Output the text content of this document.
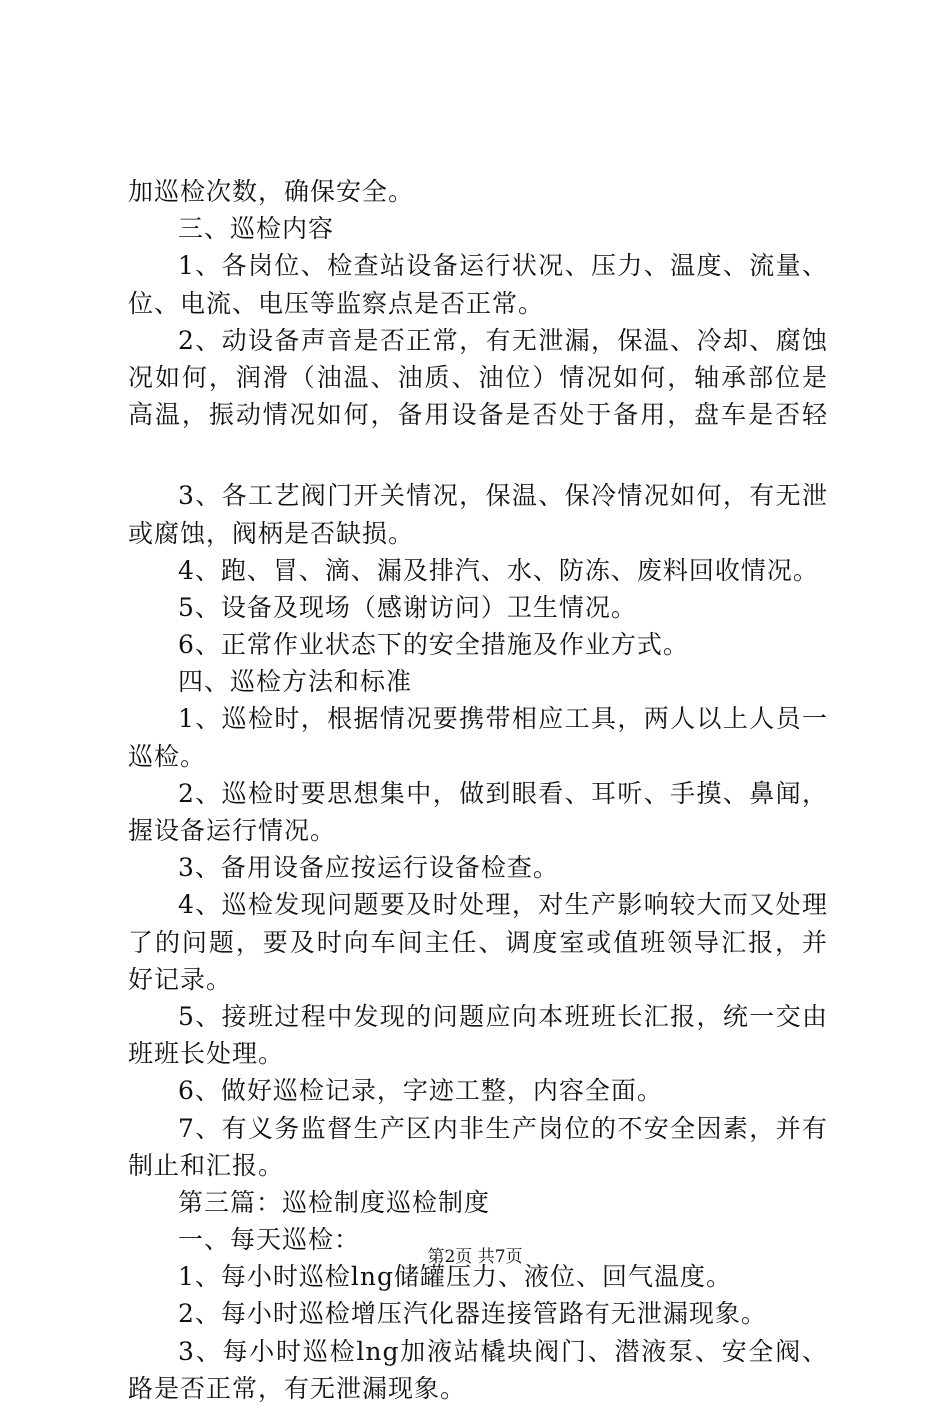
加巡检次数，确保安全。
三、巡检内容
1、各岗位、检查站设备运行状况、压力、温度、流量、
位、电流、电压等监察点是否正常。
2、动设备声音是否正常，有无泄漏，保温、冷却、腐蚀
况如何，润滑（油温、油质、油位）情况如何，轴承部位是
高温，振动情况如何，备用设备是否处于备用，盘车是否轻
3、各工艺阀门开关情况，保温、保冷情况如何，有无泄
或腐蚀，阀柄是否缺损。
4、跑、冒、滴、漏及排汽、水、防冻、废料回收情况。
5、设备及现场（感谢访问）卫生情况。
6、正常作业状态下的安全措施及作业方式。
四、巡检方法和标准
1、巡检时，根据情况要携带相应工具，两人以上人员一
巡检。
2、巡检时要思想集中，做到眼看、耳听、手摸、鼻闻，
握设备运行情况。
3、备用设备应按运行设备检查。
4、巡检发现问题要及时处理，对生产影响较大而又处理
了的问题，要及时向车间主任、调度室或值班领导汇报，并
好记录。
5、接班过程中发现的问题应向本班班长汇报，统一交由
班班长处理。
6、做好巡检记录，字迹工整，内容全面。
7、有义务监督生产区内非生产岗位的不安全因素，并有
制止和汇报。
第三篇：巡检制度巡检制度
一、每天巡检：
1、每小时巡检lng储罐压力、液位、回气温度。
2、每小时巡检增压汽化器连接管路有无泄漏现象。
3、每小时巡检lng加液站橇块阀门、潜液泵、安全阀、
路是否正常，有无泄漏现象。
第2页 共7页
